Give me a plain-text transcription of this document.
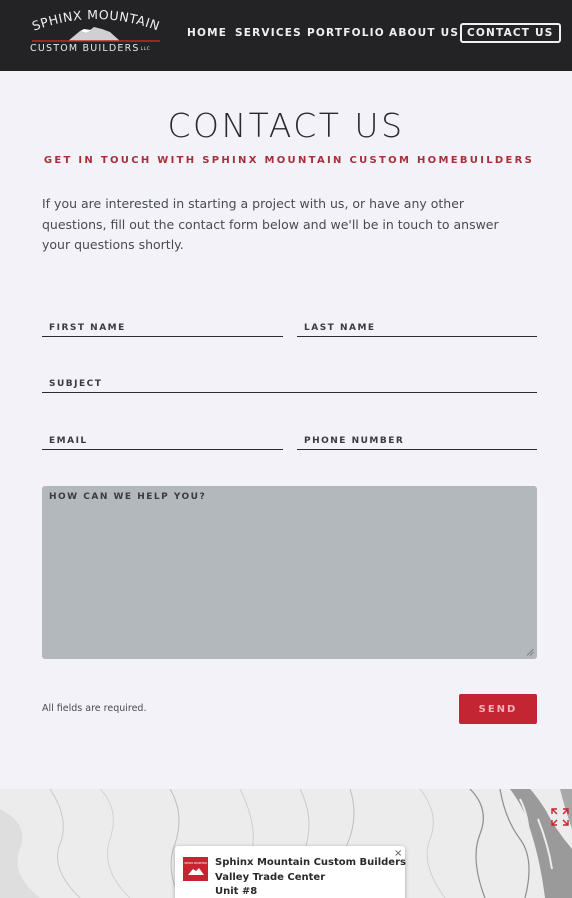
SPHINX MOUNTAIN
CUSTOM BUILDERSLLC
HOME SERVICES PORTFOLIO ABOUT US CONTACT US
CONTACT US
GET IN TOUCH WITH SPHINX MOUNTAIN CUSTOM HOMEBUILDERS

If you are interested in starting a project with us, or have any other questions, fill out the contact form below and we'll be in touch to answer your questions shortly.

FIRST NAME
LAST NAME
SUBJECT
EMAIL
PHONE NUMBER
HOW CAN WE HELP YOU?
All fields are required.	SEND
SPHINX MOUNTAIN
×
Sphinx Mountain Custom Builders
Valley Trade Center
Unit #8
